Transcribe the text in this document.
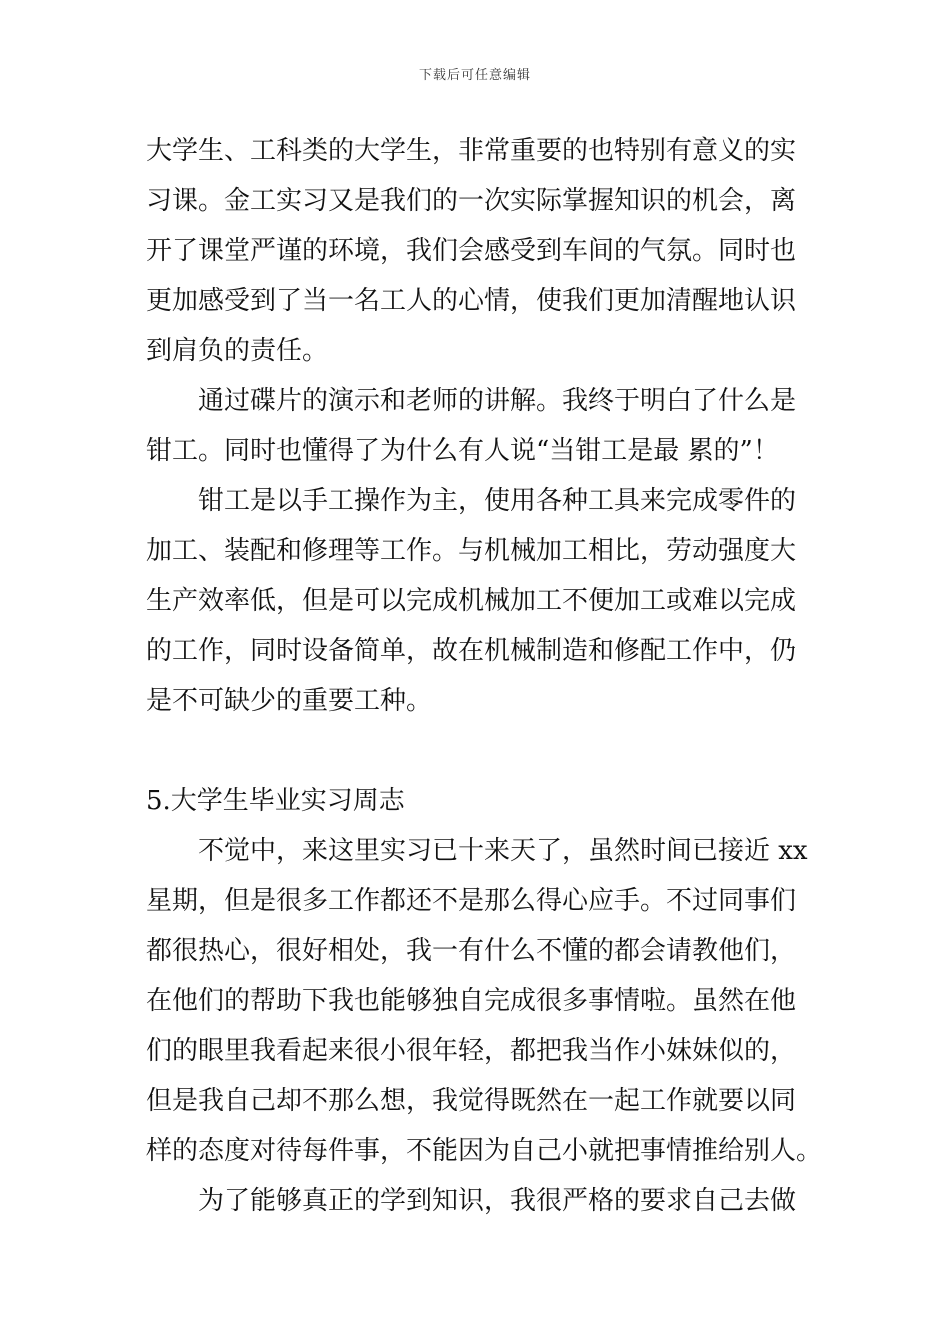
下载后可任意编辑
大学生、工科类的大学生，非常重要的也特别有意义的实
习课。金工实习又是我们的一次实际掌握知识的机会，离
开了课堂严谨的环境，我们会感受到车间的气氛。同时也
更加感受到了当一名工人的心情，使我们更加清醒地认识
到肩负的责任。
通过碟片的演示和老师的讲解。我终于明白了什么是
钳工。同时也懂得了为什么有人说“当钳工是最 累的”！
钳工是以手工操作为主，使用各种工具来完成零件的
加工、装配和修理等工作。与机械加工相比，劳动强度大
生产效率低，但是可以完成机械加工不便加工或难以完成
的工作，同时设备简单，故在机械制造和修配工作中，仍
是不可缺少的重要工种。
5.大学生毕业实习周志
不觉中，来这里实习已十来天了，虽然时间已接近 xx
星期，但是很多工作都还不是那么得心应手。不过同事们
都很热心，很好相处，我一有什么不懂的都会请教他们，
在他们的帮助下我也能够独自完成很多事情啦。虽然在他
们的眼里我看起来很小很年轻，都把我当作小妹妹似的，
但是我自己却不那么想，我觉得既然在一起工作就要以同
样的态度对待每件事，不能因为自己小就把事情推给别人。
为了能够真正的学到知识，我很严格的要求自己去做
